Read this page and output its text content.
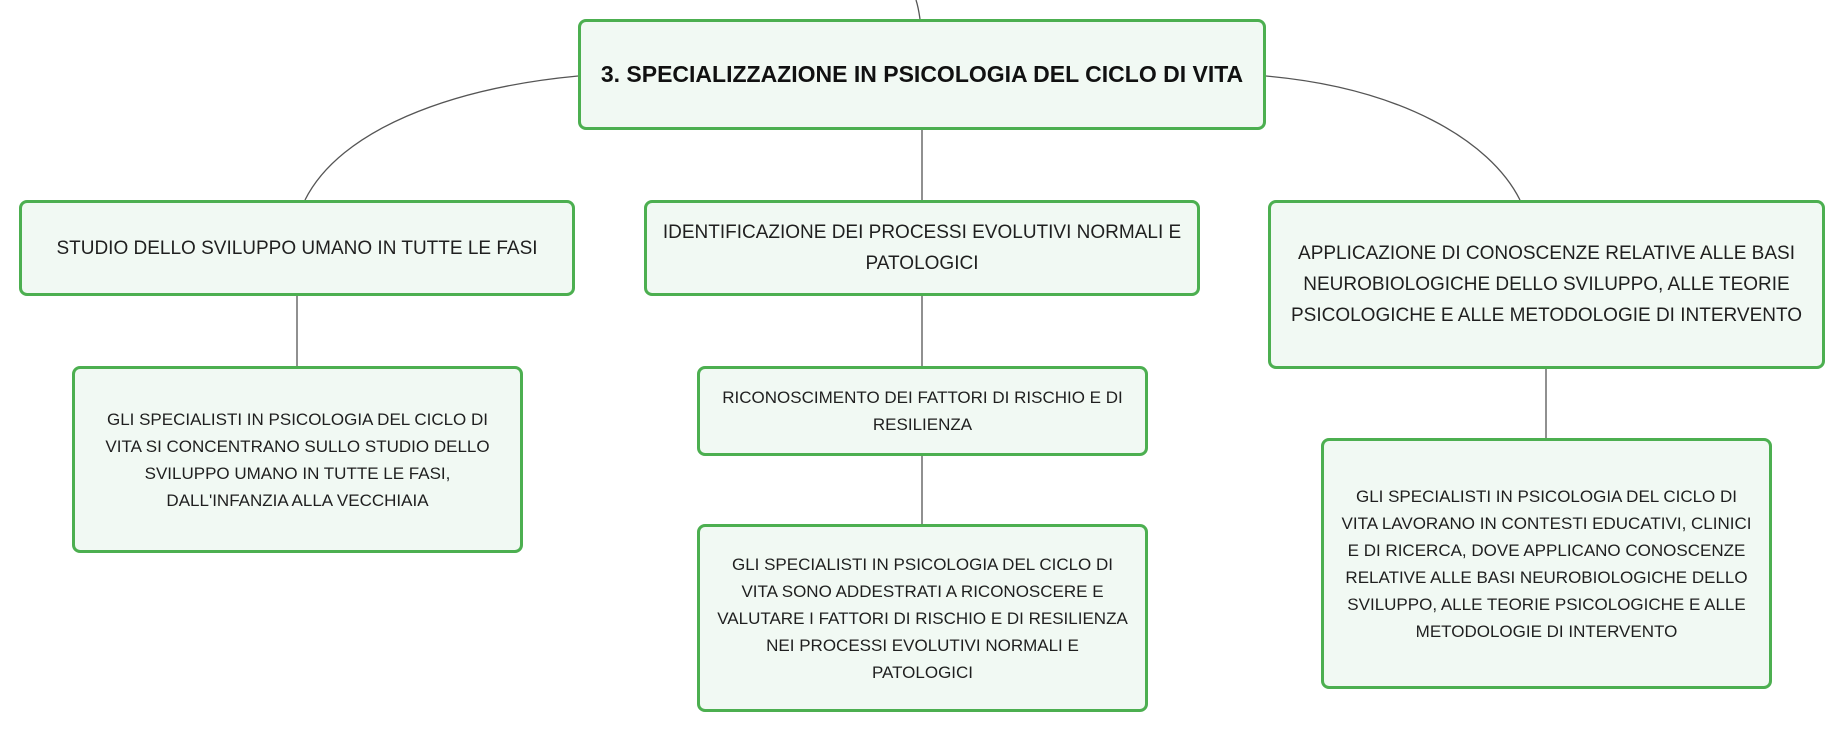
3. SPECIALIZZAZIONE IN PSICOLOGIA DEL CICLO DI VITA
STUDIO DELLO SVILUPPO UMANO IN TUTTE LE FASI
IDENTIFICAZIONE DEI PROCESSI EVOLUTIVI NORMALI E PATOLOGICI	APPLICAZIONE DI CONOSCENZE RELATIVE ALLE BASI NEUROBIOLOGICHE DELLO SVILUPPO, ALLE TEORIE PSICOLOGICHE E ALLE METODOLOGIE DI INTERVENTO
GLI SPECIALISTI IN PSICOLOGIA DEL CICLO DI VITA SI CONCENTRANO SULLO STUDIO DELLO SVILUPPO UMANO IN TUTTE LE FASI, DALL'INFANZIA ALLA VECCHIAIA
RICONOSCIMENTO DEI FATTORI DI RISCHIO E DI RESILIENZA
GLI SPECIALISTI IN PSICOLOGIA DEL CICLO DI VITA SONO ADDESTRATI A RICONOSCERE E VALUTARE I FATTORI DI RISCHIO E DI RESILIENZA NEI PROCESSI EVOLUTIVI NORMALI E PATOLOGICI
GLI SPECIALISTI IN PSICOLOGIA DEL CICLO DI VITA LAVORANO IN CONTESTI EDUCATIVI, CLINICI E DI RICERCA, DOVE APPLICANO CONOSCENZE RELATIVE ALLE BASI NEUROBIOLOGICHE DELLO SVILUPPO, ALLE TEORIE PSICOLOGICHE E ALLE METODOLOGIE DI INTERVENTO
